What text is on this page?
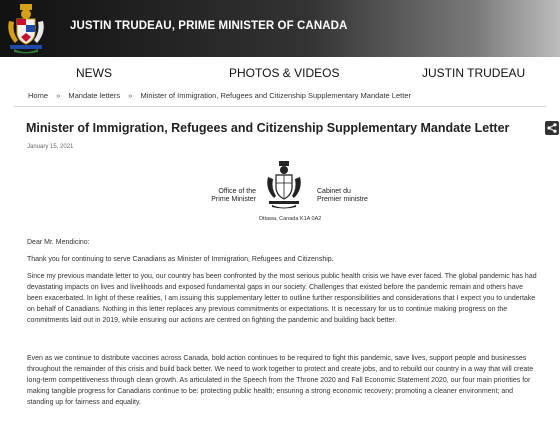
JUSTIN TRUDEAU, PRIME MINISTER OF CANADA
NEWS	PHOTOS & VIDEOS	JUSTIN TRUDEAU
Home » Mandate letters » Minister of Immigration, Refugees and Citizenship Supplementary Mandate Letter
Minister of Immigration, Refugees and Citizenship Supplementary Mandate Letter
January 15, 2021
Office of the
Prime Minister
Cabinet du
Premier ministre
Ottawa, Canada K1A 0A2

Dear Mr. Mendicino:

Thank you for continuing to serve Canadians as Minister of Immigration, Refugees and Citizenship.

Since my previous mandate letter to you, our country has been confronted by the most serious public health crisis we have ever faced. The global pandemic has had devastating impacts on lives and livelihoods and exposed fundamental gaps in our society. Challenges that existed before the pandemic remain and others have been exacerbated. In light of these realities, I am issuing this supplementary letter to outline further responsibilities and considerations that I expect you to undertake on behalf of Canadians. Nothing in this letter replaces any previous commitments or expectations. It is necessary for us to continue making progress on the commitments laid out in 2019, while ensuring our actions are centred on fighting the pandemic and building back better.

Even as we continue to distribute vaccines across Canada, bold action continues to be required to fight this pandemic, save lives, support people and businesses throughout the remainder of this crisis and build back better. We need to work together to protect and create jobs, and to rebuild our country in a way that will create long-term competitiveness through clean growth. As articulated in the Speech from the Throne 2020 and Fall Economic Statement 2020, our four main priorities for making tangible progress for Canadians continue to be: protecting public health; ensuring a strong economic recovery; promoting a cleaner environment; and standing up for fairness and equality.
